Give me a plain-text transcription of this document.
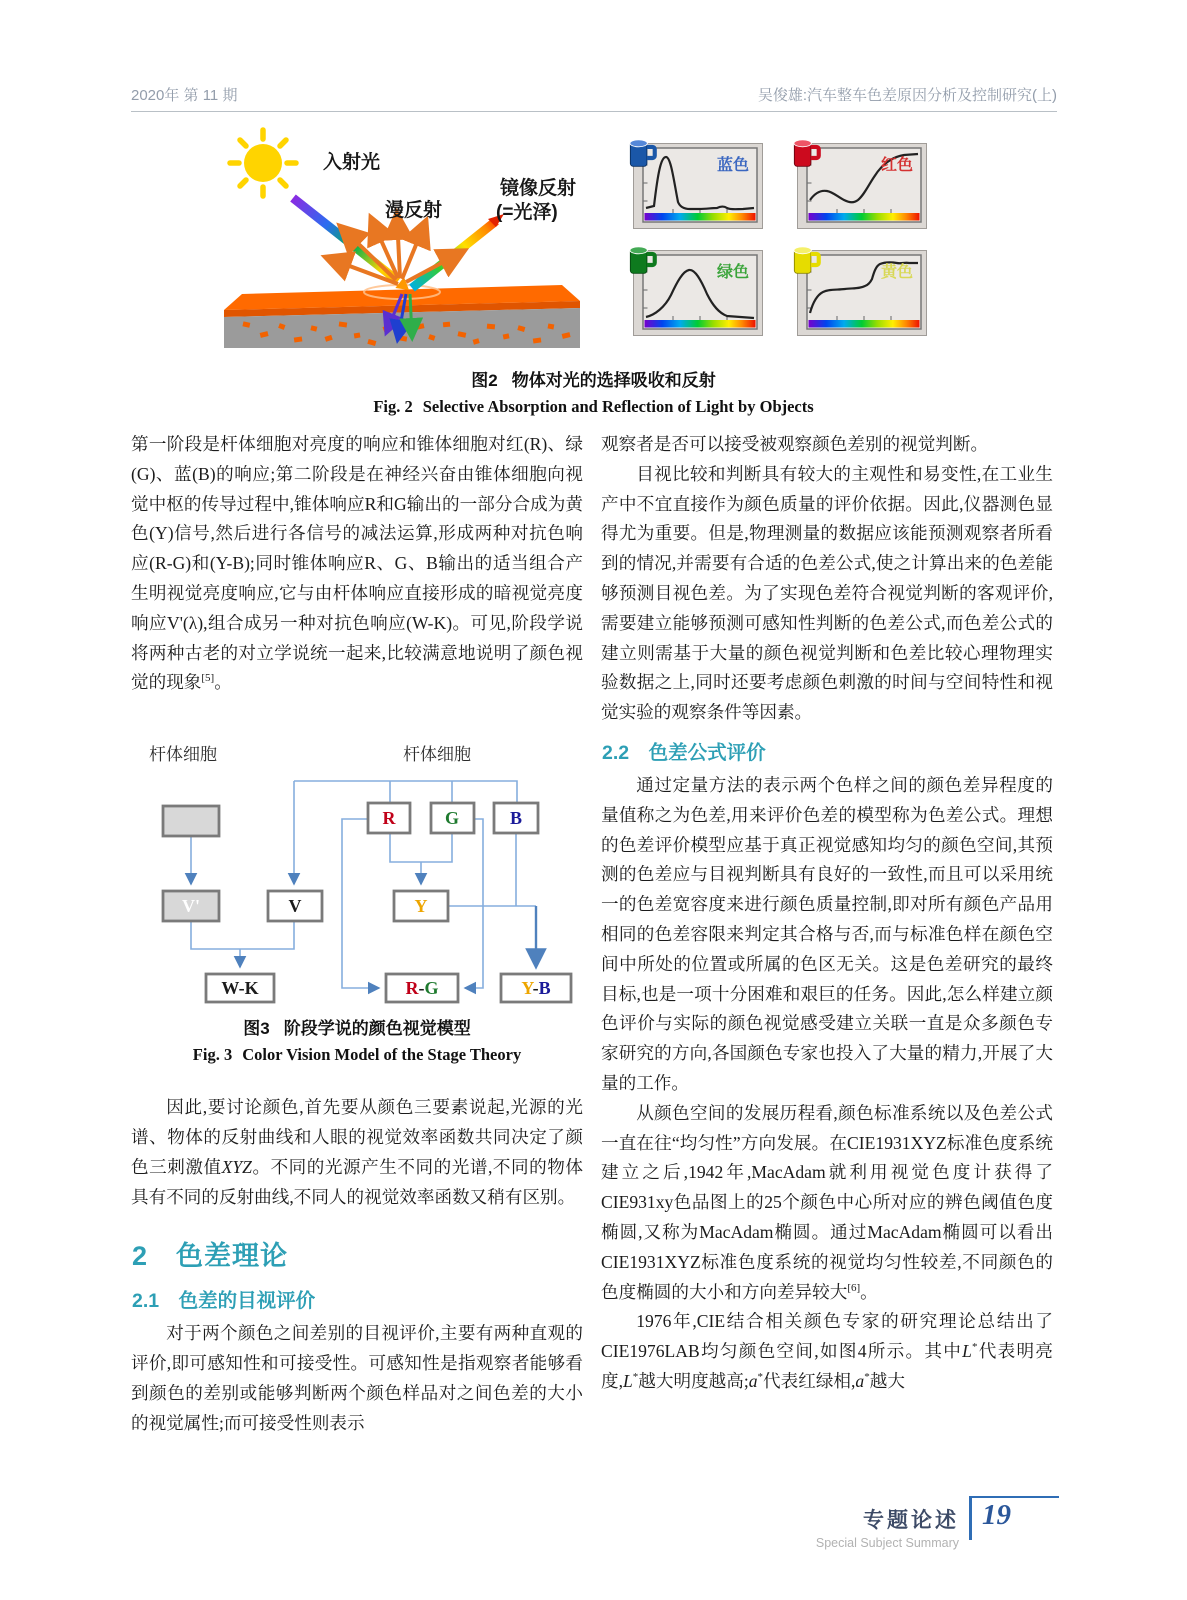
2020年 第 11 期	吴俊雄:汽车整车色差原因分析及控制研究(上)
入射光
漫反射
镜像反射
(=光泽)
蓝色	红色
绿色	黄色
图2 物体对光的选择吸收和反射
Fig. 2 Selective Absorption and Reflection of Light by Objects

第一阶段是杆体细胞对亮度的响应和锥体细胞对红(R)、绿(G)、蓝(B)的响应;第二阶段是在神经兴奋由锥体细胞向视觉中枢的传导过程中,锥体响应R和G输出的一部分合成为黄色(Y)信号,然后进行各信号的减法运算,形成两种对抗色响应(R-G)和(Y-B);同时锥体响应R、G、B输出的适当组合产生明视觉亮度响应,它与由杆体响应直接形成的暗视觉亮度响应V'(λ),组合成另一种对抗色响应(W-K)。可见,阶段学说将两种古老的对立学说统一起来,比较满意地说明了颜色视觉的现象[5]。

杆体细胞	杆体细胞
V'	V
R	G	B
Y
W-K	R-G	Y-B
图3 阶段学说的颜色视觉模型
Fig. 3 Color Vision Model of the Stage Theory

因此,要讨论颜色,首先要从颜色三要素说起,光源的光谱、物体的反射曲线和人眼的视觉效率函数共同决定了颜色三刺激值XYZ。不同的光源产生不同的光谱,不同的物体具有不同的反射曲线,不同人的视觉效率函数又稍有区别。

2　色差理论
2.1　色差的目视评价

对于两个颜色之间差别的目视评价,主要有两种直观的评价,即可感知性和可接受性。可感知性是指观察者能够看到颜色的差别或能够判断两个颜色样品对之间色差的大小的视觉属性;而可接受性则表示

观察者是否可以接受被观察颜色差别的视觉判断。

目视比较和判断具有较大的主观性和易变性,在工业生产中不宜直接作为颜色质量的评价依据。因此,仪器测色显得尤为重要。但是,物理测量的数据应该能预测观察者所看到的情况,并需要有合适的色差公式,使之计算出来的色差能够预测目视色差。为了实现色差符合视觉判断的客观评价,需要建立能够预测可感知性判断的色差公式,而色差公式的建立则需基于大量的颜色视觉判断和色差比较心理物理实验数据之上,同时还要考虑颜色刺激的时间与空间特性和视觉实验的观察条件等因素。

2.2　色差公式评价

通过定量方法的表示两个色样之间的颜色差异程度的量值称之为色差,用来评价色差的模型称为色差公式。理想的色差评价模型应基于真正视觉感知均匀的颜色空间,其预测的色差应与目视判断具有良好的一致性,而且可以采用统一的色差宽容度来进行颜色质量控制,即对所有颜色产品用相同的色差容限来判定其合格与否,而与标准色样在颜色空间中所处的位置或所属的色区无关。这是色差研究的最终目标,也是一项十分困难和艰巨的任务。因此,怎么样建立颜色评价与实际的颜色视觉感受建立关联一直是众多颜色专家研究的方向,各国颜色专家也投入了大量的精力,开展了大量的工作。

从颜色空间的发展历程看,颜色标准系统以及色差公式一直在往“均匀性”方向发展。在CIE1931XYZ标准色度系统建立之后,1942年,MacAdam就利用视觉色度计获得了CIE931xy色品图上的25个颜色中心所对应的辨色阈值色度椭圆,又称为MacAdam椭圆。通过MacAdam椭圆可以看出CIE1931XYZ标准色度系统的视觉均匀性较差,不同颜色的色度椭圆的大小和方向差异较大[6]。

1976年,CIE结合相关颜色专家的研究理论总结出了CIE1976LAB均匀颜色空间,如图4所示。其中L*代表明亮度,L*越大明度越高;a*代表红绿相,a*越大

专题论述
Special Subject Summary
19
